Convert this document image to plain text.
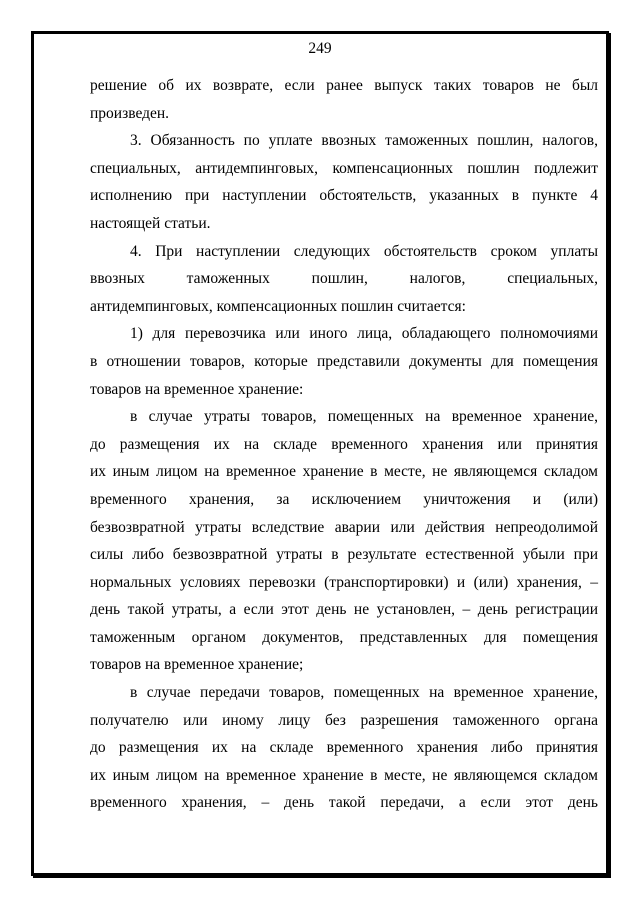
249
решение об их возврате, если ранее выпуск таких товаров не был
произведен.
3. Обязанность по уплате ввозных таможенных пошлин, налогов,
специальных, антидемпинговых, компенсационных пошлин подлежит
исполнению при наступлении обстоятельств, указанных в пункте 4
настоящей статьи.
4. При наступлении следующих обстоятельств сроком уплаты
ввозных таможенных пошлин, налогов, специальных,
антидемпинговых, компенсационных пошлин считается:
1) для перевозчика или иного лица, обладающего полномочиями
в отношении товаров, которые представили документы для помещения
товаров на временное хранение:
в случае утраты товаров, помещенных на временное хранение,
до размещения их на складе временного хранения или принятия
их иным лицом на временное хранение в месте, не являющемся складом
временного хранения, за исключением уничтожения и (или)
безвозвратной утраты вследствие аварии или действия непреодолимой
силы либо безвозвратной утраты в результате естественной убыли при
нормальных условиях перевозки (транспортировки) и (или) хранения, –
день такой утраты, а если этот день не установлен, – день регистрации
таможенным органом документов, представленных для помещения
товаров на временное хранение;
в случае передачи товаров, помещенных на временное хранение,
получателю или иному лицу без разрешения таможенного органа
до размещения их на складе временного хранения либо принятия
их иным лицом на временное хранение в месте, не являющемся складом
временного хранения, – день такой передачи, а если этот день
